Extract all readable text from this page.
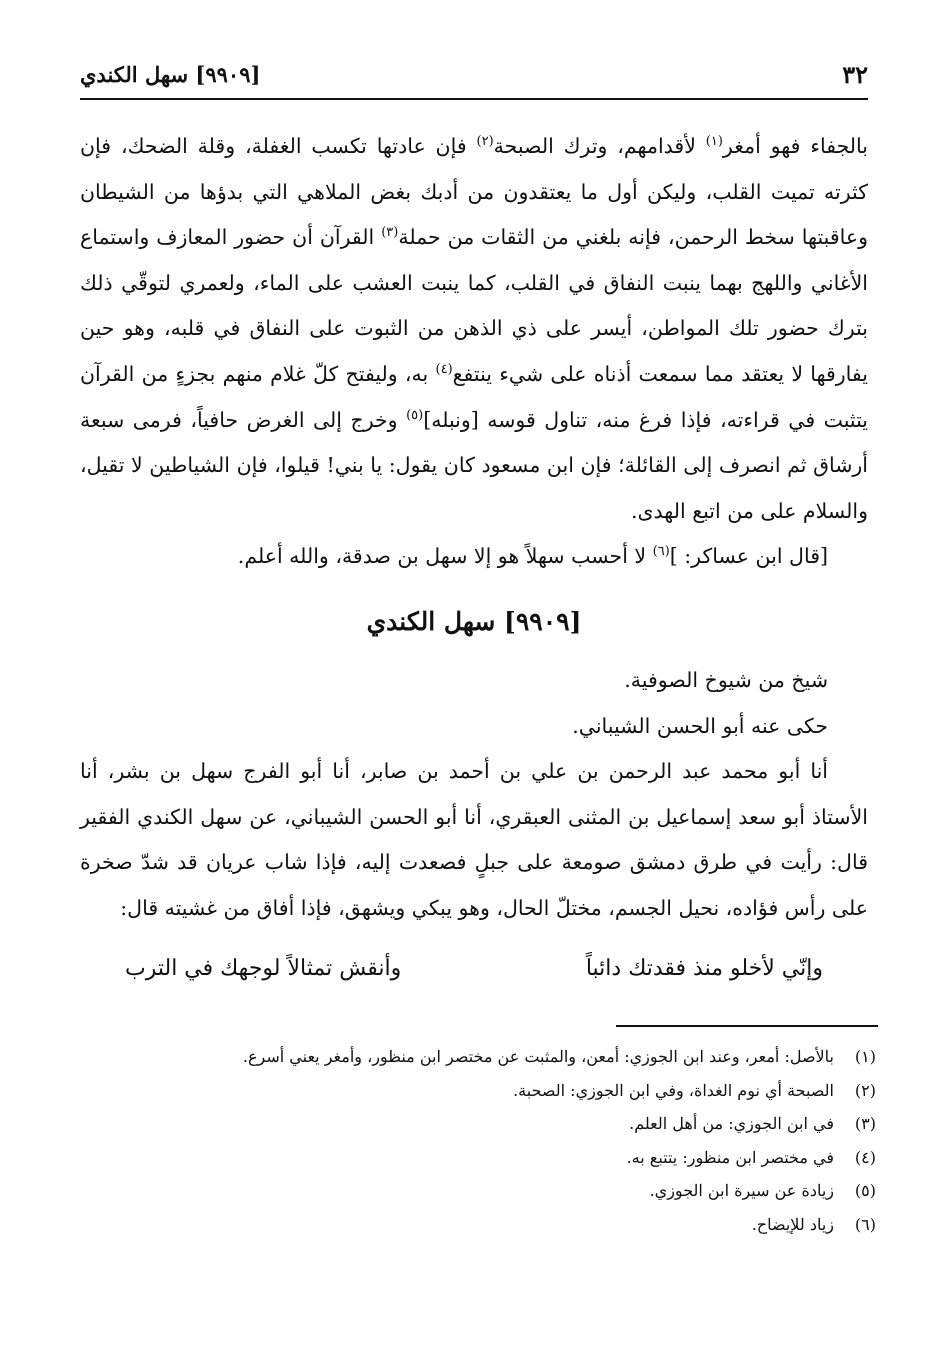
٣٢
[٩٩٠٩] سهل الكندي

بالجفاء فهو أمغر$^{(١)}$ لأقدامهم، وترك الصبحة$^{(٢)}$ فإن عادتها تكسب الغفلة، وقلة الضحك، فإن كثرته تميت القلب، وليكن أول ما يعتقدون من أدبك بغض الملاهي التي بدؤها من الشيطان وعاقبتها سخط الرحمن، فإنه بلغني من الثقات من حملة$^{(٣)}$ القرآن أن حضور المعازف واستماع الأغاني واللهج بهما ينبت النفاق في القلب، كما ينبت العشب على الماء، ولعمري لتوقّي ذلك بترك حضور تلك المواطن، أيسر على ذي الذهن من الثبوت على النفاق في قلبه، وهو حين يفارقها لا يعتقد مما سمعت أذناه على شيء ينتفع$^{(٤)}$ به، وليفتح كلّ غلام منهم بجزءٍ من القرآن يتثبت في قراءته، فإذا فرغ منه، تناول قوسه [ونبله]$^{(٥)}$ وخرج إلى الغرض حافياً، فرمى سبعة أرشاق ثم انصرف إلى القائلة؛ فإن ابن مسعود كان يقول: يا بني! قيلوا، فإن الشياطين لا تقيل، والسلام على من اتبع الهدى.

[قال ابن عساكر: ]$^{(٦)}$ لا أحسب سهلاً هو إلا سهل بن صدقة، والله أعلم.

[٩٩٠٩] سهل الكندي

شيخ من شيوخ الصوفية.

حكى عنه أبو الحسن الشيباني.

أنا أبو محمد عبد الرحمن بن علي بن أحمد بن صابر، أنا أبو الفرج سهل بن بشر، أنا الأستاذ أبو سعد إسماعيل بن المثنى العبقري، أنا أبو الحسن الشيباني، عن سهل الكندي الفقير قال: رأيت في طرق دمشق صومعة على جبلٍ فصعدت إليه، فإذا شاب عريان قد شدّ صخرة على رأس فؤاده، نحيل الجسم، مختلّ الحال، وهو يبكي ويشهق، فإذا أفاق من غشيته قال:

وإنّي لأخلو منذ فقدتك دائباً
وأنقش تمثالاً لوجهك في الترب
(١)
بالأصل: أمعر، وعند ابن الجوزي: أمعن، والمثبت عن مختصر ابن منظور، وأمغر يعني أسرع.
(٢)
الصبحة أي نوم الغداة، وفي ابن الجوزي: الصحبة.
(٣)
في ابن الجوزي: من أهل العلم.
(٤)
في مختصر ابن منظور: يتتبع به.
(٥)
زيادة عن سيرة ابن الجوزي.
(٦)
زياد للإيضاح.
